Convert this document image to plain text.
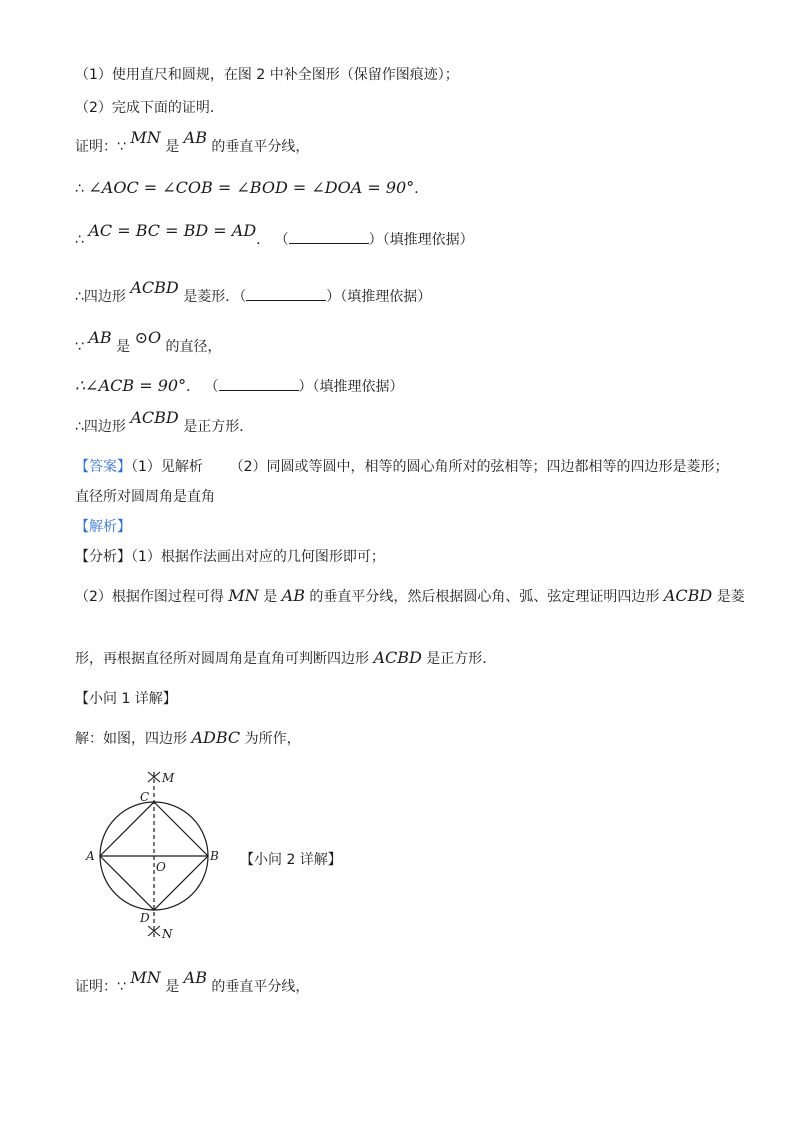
（1）使用直尺和圆规，在图 2 中补全图形（保留作图痕迹）；
（2）完成下面的证明．
证明：∵ MN 是 AB 的垂直平分线，
∴ ∠AOC = ∠COB = ∠BOD = ∠DOA = 90°．
∴ AC = BC = BD = AD． （	）（填推理依据）
∴四边形 ACBD 是菱形．（	）（填推理依据）
∵ AB 是 ⊙O 的直径，
∴∠ACB = 90°． （	）（填推理依据）
∴四边形 ACBD 是正方形．
【答案】（1）见解析 （2）同圆或等圆中，相等的圆心角所对的弦相等；四边都相等的四边形是菱形；
直径所对圆周角是直角
【解析】
【分析】（1）根据作法画出对应的几何图形即可；
（2）根据作图过程可得 MN 是 AB 的垂直平分线，然后根据圆心角、弧、弦定理证明四边形 ACBD 是菱
形，再根据直径所对圆周角是直角可判断四边形 ACBD 是正方形．
【小问 1 详解】
解：如图，四边形 ADBC 为所作，
M
C
A
O
B
D
N
【小问 2 详解】
证明：∵ MN 是 AB 的垂直平分线，
